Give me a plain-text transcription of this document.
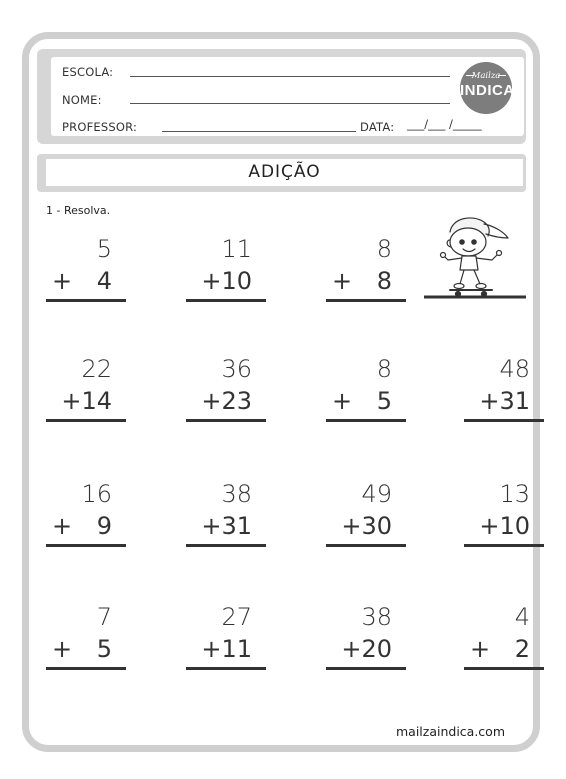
ESCOLA:
NOME:
PROFESSOR:	DATA: ___/___ /_____
Mailza
INDICA
ADIÇÃO
1 - Resolva.
5
+ 4
11
+ 10
8
+ 8
22
+ 14
36
+ 23
8
+ 5
48
+ 31
16
+ 9
38
+ 31
49
+ 30
13
+ 10
7
+ 5
27
+ 11
38
+ 20
4
+ 2
mailzaindica.com
